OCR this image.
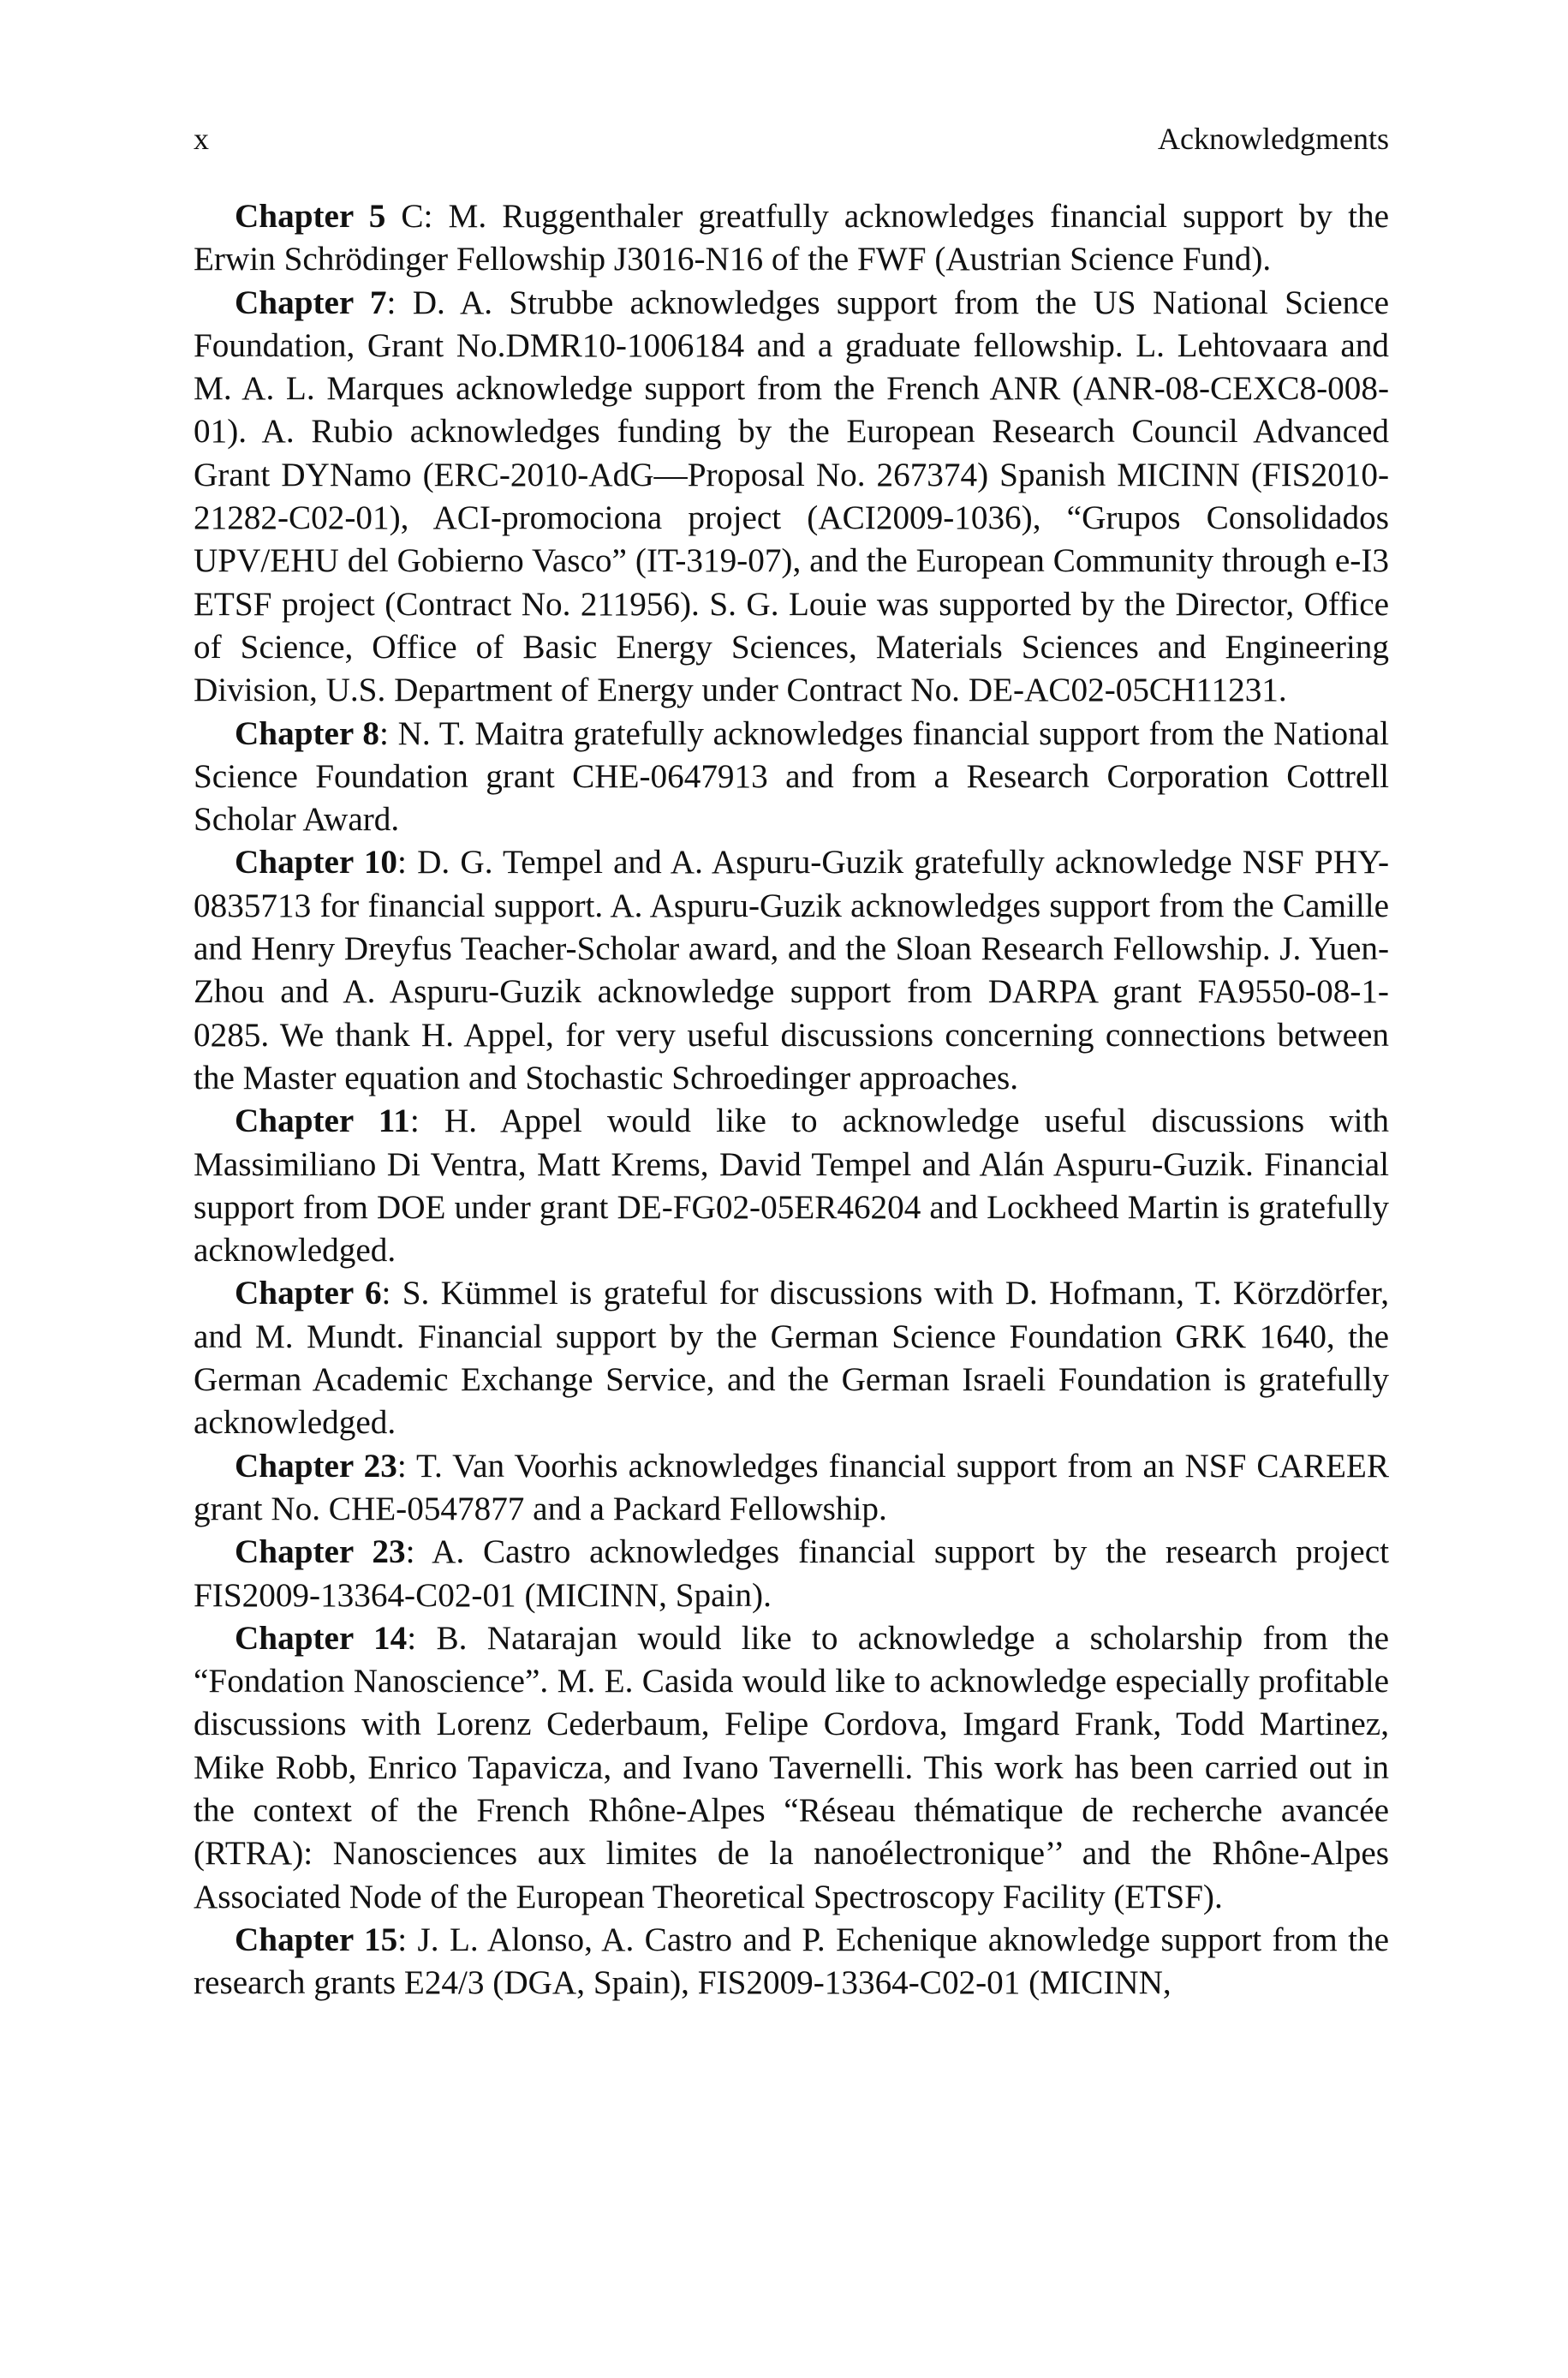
x	Acknowledgments

Chapter 5 C: M. Ruggenthaler greatfully acknowledges financial support by the Erwin Schrödinger Fellowship J3016-N16 of the FWF (Austrian Science Fund).

Chapter 7: D. A. Strubbe acknowledges support from the US National Science Foundation, Grant No.DMR10-1006184 and a graduate fellowship. L. Lehtovaara and M. A. L. Marques acknowledge support from the French ANR (ANR-08-CEXC8-008-01). A. Rubio acknowledges funding by the European Research Council Advanced Grant DYNamo (ERC-2010-AdG—Proposal No. 267374) Spanish MICINN (FIS2010-21282-C02-01), ACI-promociona project (ACI2009-1036), “Grupos Consolidados UPV/EHU del Gobierno Vasco” (IT-319-07), and the European Community through e-I3 ETSF project (Contract No. 211956). S. G. Louie was supported by the Director, Office of Science, Office of Basic Energy Sciences, Materials Sciences and Engineering Division, U.S. Department of Energy under Contract No. DE-AC02-05CH11231.

Chapter 8: N. T. Maitra gratefully acknowledges financial support from the National Science Foundation grant CHE-0647913 and from a Research Corporation Cottrell Scholar Award.

Chapter 10: D. G. Tempel and A. Aspuru-Guzik gratefully acknowledge NSF PHY-0835713 for financial support. A. Aspuru-Guzik acknowledges support from the Camille and Henry Dreyfus Teacher-Scholar award, and the Sloan Research Fellowship. J. Yuen-Zhou and A. Aspuru-Guzik acknowledge support from DARPA grant FA9550-08-1-0285. We thank H. Appel, for very useful discussions concerning connections between the Master equation and Stochastic Schroedinger approaches.

Chapter 11: H. Appel would like to acknowledge useful discussions with Massimiliano Di Ventra, Matt Krems, David Tempel and Alán Aspuru-Guzik. Financial support from DOE under grant DE-FG02-05ER46204 and Lockheed Martin is gratefully acknowledged.

Chapter 6: S. Kümmel is grateful for discussions with D. Hofmann, T. Körzdörfer, and M. Mundt. Financial support by the German Science Foundation GRK 1640, the German Academic Exchange Service, and the German Israeli Foundation is gratefully acknowledged.

Chapter 23: T. Van Voorhis acknowledges financial support from an NSF CAREER grant No. CHE-0547877 and a Packard Fellowship.

Chapter 23: A. Castro acknowledges financial support by the research project FIS2009-13364-C02-01 (MICINN, Spain).

Chapter 14: B. Natarajan would like to acknowledge a scholarship from the “Fondation Nanoscience”. M. E. Casida would like to acknowledge especially profitable discussions with Lorenz Cederbaum, Felipe Cordova, Imgard Frank, Todd Martinez, Mike Robb, Enrico Tapavicza, and Ivano Tavernelli. This work has been carried out in the context of the French Rhône-Alpes “Réseau thématique de recherche avancée (RTRA): Nanosciences aux limites de la nanoélectronique’’ and the Rhône-Alpes Associated Node of the European Theoretical Spectroscopy Facility (ETSF).

Chapter 15: J. L. Alonso, A. Castro and P. Echenique aknowledge support from the research grants E24/3 (DGA, Spain), FIS2009-13364-C02-01 (MICINN,
